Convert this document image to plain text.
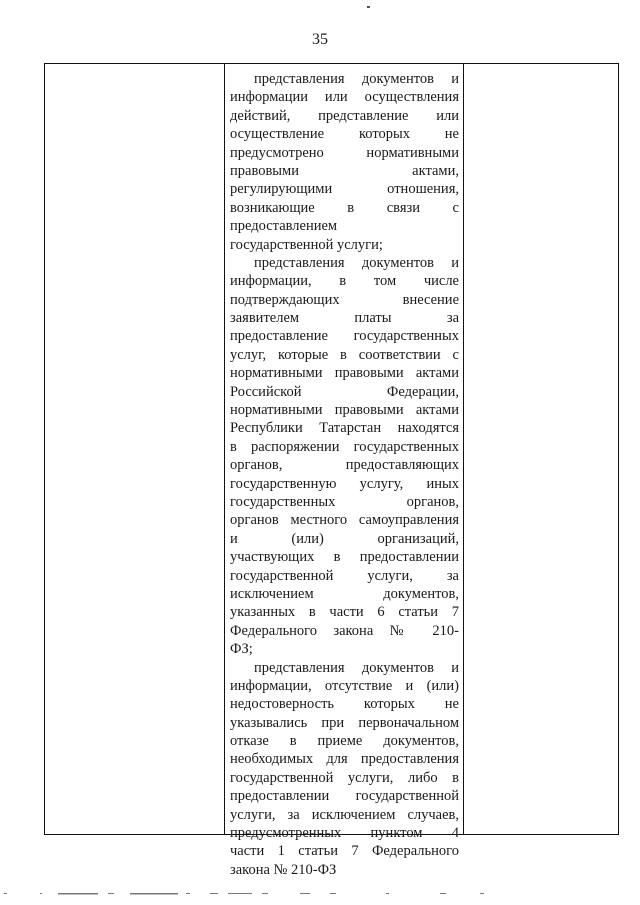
35
представления документов и
информации или осуществления
действий, представление или
осуществление которых не
предусмотрено нормативными
правовыми актами,
регулирующими отношения,
возникающие в связи с
предоставлением
государственной услуги;
представления документов и
информации, в том числе
подтверждающих внесение
заявителем платы за
предоставление государственных
услуг, которые в соответствии с
нормативными правовыми актами
Российской Федерации,
нормативными правовыми актами
Республики Татарстан находятся
в распоряжении государственных
органов, предоставляющих
государственную услугу, иных
государственных органов,
органов местного самоуправления
и (или) организаций,
участвующих в предоставлении
государственной услуги, за
исключением документов,
указанных в части 6 статьи 7
Федерального закона № 210-
ФЗ;
представления документов и
информации, отсутствие и (или)
недостоверность которых не
указывались при первоначальном
отказе в приеме документов,
необходимых для предоставления
государственной услуги, либо в
предоставлении государственной
услуги, за исключением случаев,
предусмотренных пунктом 4
части 1 статьи 7 Федерального
закона № 210-ФЗ
